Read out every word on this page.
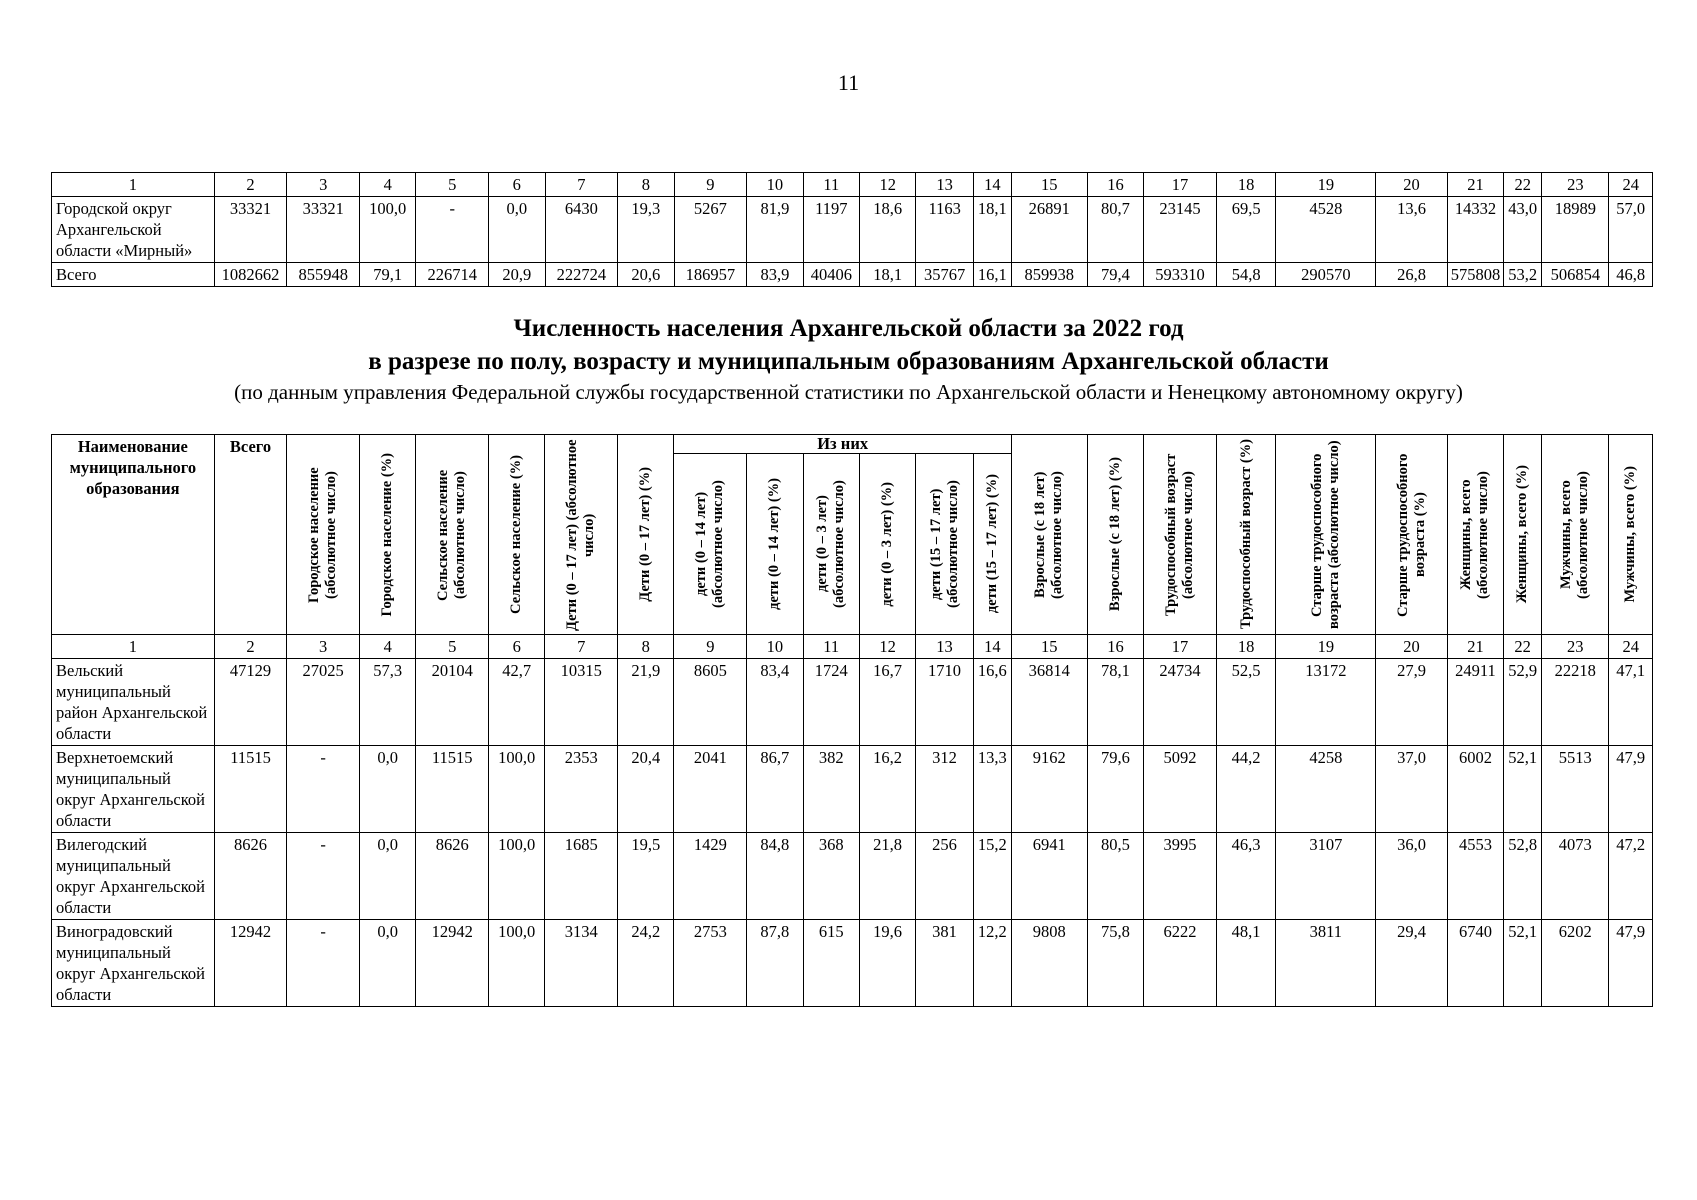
11
1	2	3	4	5	6	7	8	9	10	11	12	13	14	15	16	17	18	19	20	21	22	23	24
Городской округ Архангельской области «Мирный»	33321	33321	100,0	-	0,0	6430	19,3	5267	81,9	1197	18,6	1163	18,1	26891	80,7	23145	69,5	4528	13,6	14332	43,0	18989	57,0
Всего	1082662	855948	79,1	226714	20,9	222724	20,6	186957	83,9	40406	18,1	35767	16,1	859938	79,4	593310	54,8	290570	26,8	575808	53,2	506854	46,8
Численность населения Архангельской области за 2022 год
в разрезе по полу, возрасту и муниципальным образованиям Архангельской области
(по данным управления Федеральной службы государственной статистики по Архангельской области и Ненецкому автономному округу)
Наименование муниципального образования	Всего	Городское население (абсолютное число)	Городское население (%)	Сельское население (абсолютное число)	Сельское население (%)	Дети (0 – 17 лет) (абсолютное число)	Дети (0 – 17 лет) (%)	Из них						Взрослые (с 18 лет) (абсолютное число)	Взрослые (с 18 лет) (%)	Трудоспособный возраст (абсолютное число)	Трудоспособный возраст (%)	Старше трудоспособного возраста (абсолютное число)	Старше трудоспособного возраста (%)	Женщины, всего (абсолютное число)	Женщины, всего (%)	Мужчины, всего (абсолютное число)	Мужчины, всего (%)

								дети (0 – 14 лет) (абсолютное число)	дети (0 – 14 лет) (%)	дети (0 – 3 лет) (абсолютное число)	дети (0 – 3 лет) (%)	дети (15 – 17 лет) (абсолютное число)	дети (15 – 17 лет) (%)										

1	2	3	4	5	6	7	8	9	10	11	12	13	14	15	16	17	18	19	20	21	22	23	24
Вельский муниципальный район Архангельской области	47129	27025	57,3	20104	42,7	10315	21,9	8605	83,4	1724	16,7	1710	16,6	36814	78,1	24734	52,5	13172	27,9	24911	52,9	22218	47,1
Верхнетоемский муниципальный округ Архангельской области	11515	-	0,0	11515	100,0	2353	20,4	2041	86,7	382	16,2	312	13,3	9162	79,6	5092	44,2	4258	37,0	6002	52,1	5513	47,9
Вилегодский муниципальный округ Архангельской области	8626	-	0,0	8626	100,0	1685	19,5	1429	84,8	368	21,8	256	15,2	6941	80,5	3995	46,3	3107	36,0	4553	52,8	4073	47,2
Виноградовский муниципальный округ Архангельской области	12942	-	0,0	12942	100,0	3134	24,2	2753	87,8	615	19,6	381	12,2	9808	75,8	6222	48,1	3811	29,4	6740	52,1	6202	47,9
